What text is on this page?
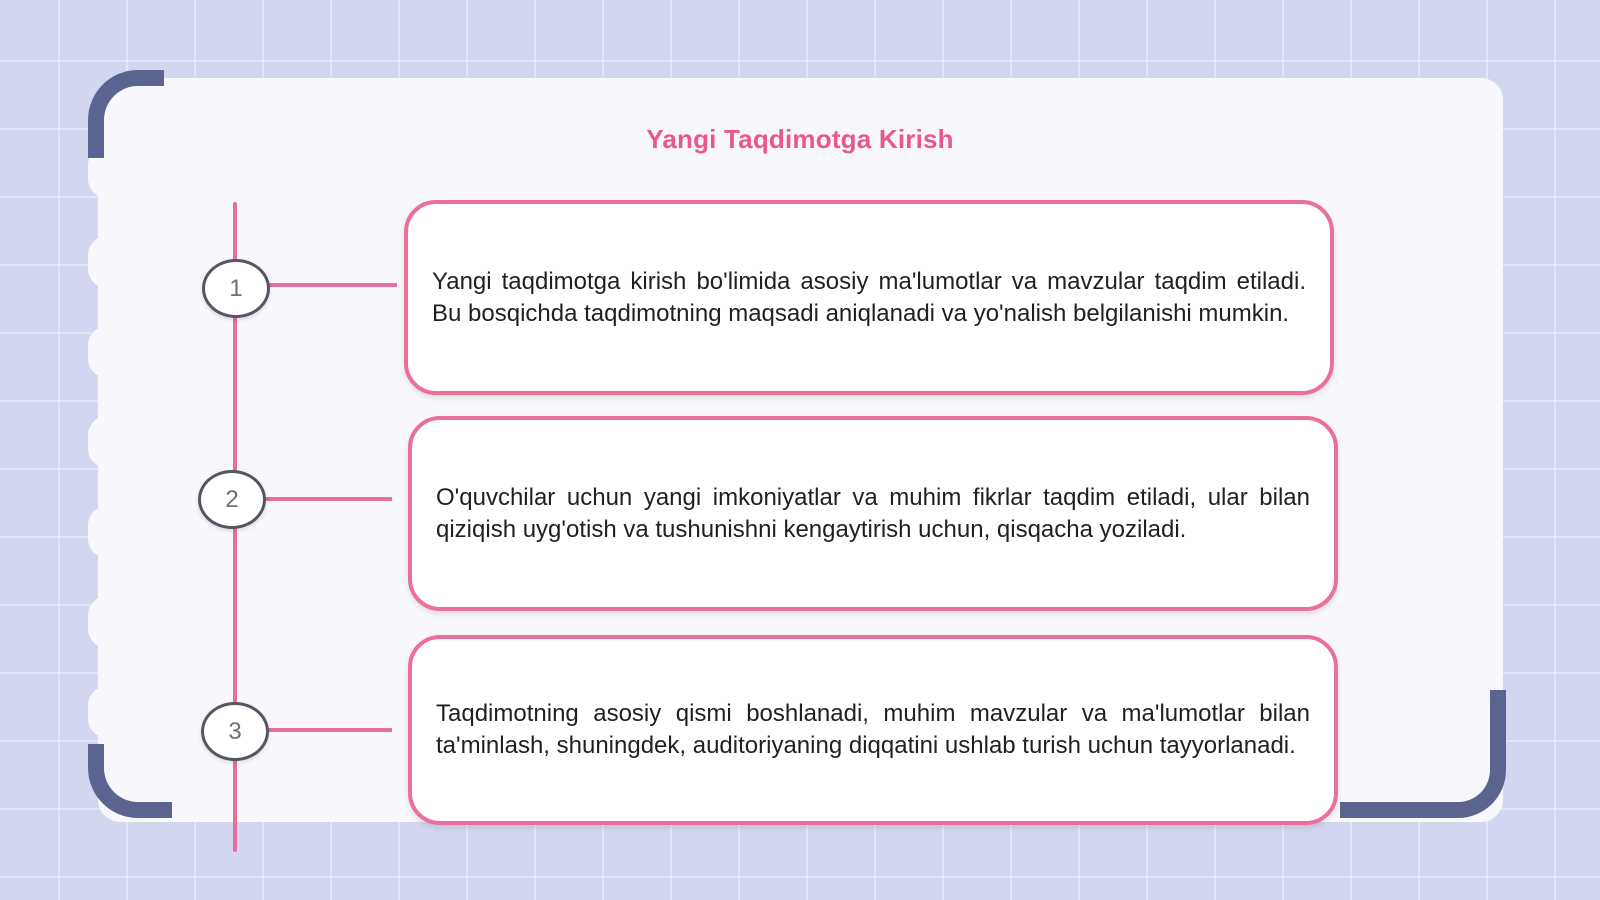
Yangi Taqdimotga Kirish
1	Yangi taqdimotga kirish bo'limida asosiy ma'lumotlar va mavzular taqdim etiladi. Bu bosqichda taqdimotning maqsadi aniqlanadi va yo'nalish belgilanishi mumkin.

2	O'quvchilar uchun yangi imkoniyatlar va muhim fikrlar taqdim etiladi, ular bilan qiziqish uyg'otish va tushunishni kengaytirish uchun, qisqacha yoziladi.

3

Taqdimotning asosiy qismi boshlanadi, muhim mavzular va ma'lumotlar bilan ta'minlash, shuningdek, auditoriyaning diqqatini ushlab turish uchun tayyorlanadi.
